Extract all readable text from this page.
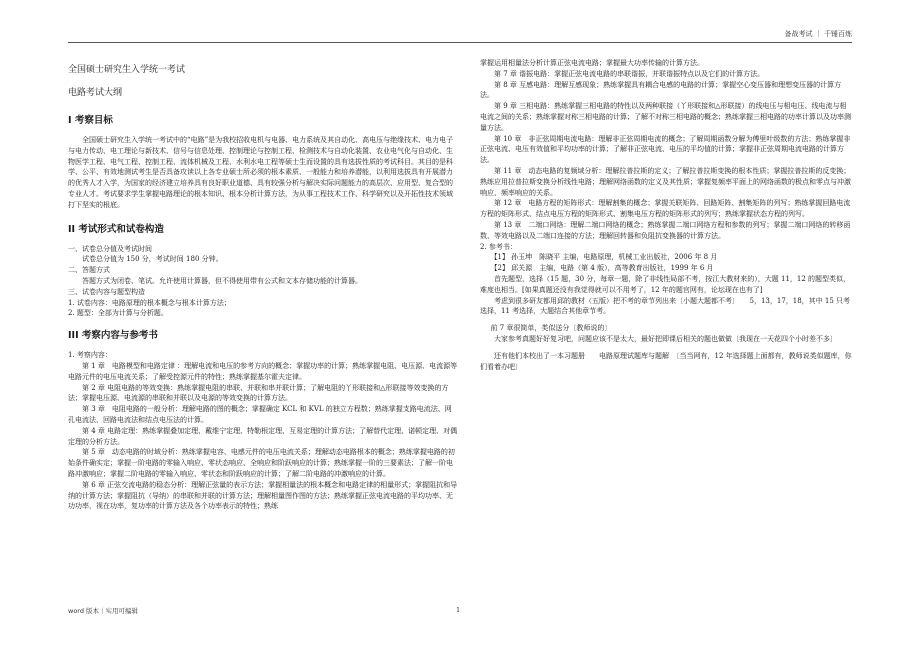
备战考试 ｜ 千锤百炼
全国硕士研究生入学统一考试
电路考试大纲
I 考察目标

全国硕士研究生入学统一考试中的“电路”是为我校招收电机与电器、电力系统及其自动化、高电压与绝缘技术、电力电子与电力传动、电工理论与新技术、信号与信息处理、控制理论与控制工程、检测技术与自动化装置、农业电气化与自动化、生物医学工程、电气工程、控制工程、流体机械及工程、水利水电工程等硕士生而设置的具有选拔性质的考试科目。其目的是科学、公平、有效地测试考生是否具备攻读以上各专业硕士所必须的根本素质、一般能力和培养潜能，以利用选拔具有开展潜力的优秀人才入学，为国家的经济建立培养具有良好职业道德、具有较强分析与解决实际问题能力的高层次、应用型、复合型的专业人才。考试要求学生掌握电路理论的根本知识、根本分析计算方法，为从事工程技术工作、科学研究以及开拓性技术领域打下坚实的根底。

II 考试形式和试卷构造

一、试卷总分值及考试时间

试卷总分值为 150 分，考试时间 180 分钟。

二、答题方式

答题方式为闭卷、笔试。允许使用计算器，但不得使用带有公式和文本存储功能的计算器。

三、试卷内容与题型构造

1. 试卷内容：电路原理的根本概念与根本计算方法；

2. 题型：全部为计算与分析题。

III 考察内容与参考书

1. 考察内容：

第 1 章　电路模型和电路定律 ：理解电流和电压的参考方向的概念；掌握功率的计算；熟练掌握电阻、电压源、电流源等电路元件的电压电流关系；了解受控源元件的特性；熟练掌握基尔霍夫定律。

第 2 章 电阻电路的等效变换：熟练掌握电阻的串联、并联和串并联计算；了解电阻的丫形联接和△形联接等效变换的方法；掌握电压源、电流源的串联和并联以及电源的等效变换的计算方法。

第 3 章　电阻电路的一般分析：理解电路的图的概念；掌握确定 KCL 和 KVL 的独立方程数；熟练掌握支路电流法、网孔电流法、回路电流法和结点电压法的计算。

第 4 章 电路定理：熟练掌握叠加定理、戴维宁定理、特勒根定理、互易定理的计算方法；了解替代定理、诺顿定理、对偶定理的分析方法。

第 5 章　动态电路的时域分析：熟练掌握电容、电感元件的电压电流关系；理解动态电路根本的概念；熟练掌握电路的初始条件确实定；掌握一阶电路的零输入响应、零状态响应、全响应和阶跃响应的计算；熟练掌握一阶的三要素法；了解一阶电路冲激响应；掌握二阶电路的零输入响应、零状态和阶跃响应的计算；了解二阶电路的冲激响应的计算。

第 6 章 正弦交流电路的稳态分析：理解正弦量的表示方法；掌握相量法的根本概念和电路定律的相量形式；掌握阻抗和导纳的计算方法；掌握阻抗（导纳）的串联和并联的计算方法；理解相量图作图的方法；熟练掌握正弦电流电路的平均功率、无功功率，视在功率，复功率的计算方法及各个功率表示的特性；熟练

掌握运用相量法分析计算正弦电流电路；掌握最大功率传输的计算方法。

第 7 章 谐振电路：掌握正弦电流电路的串联谐振，并联谐振特点以及它们的计算方法。

第 8 章 互感电路：理解互感现象；熟练掌握具有耦合电感的电路的计算；掌握空心变压器和理想变压器的计算方法。

第 9 章 三相电路：熟练掌握三相电路的特性以及两种联接（丫形联接和△形联接）的线电压与相电压、线电流与相电流之间的关系；熟练掌握对称三相电路的计算；了解不对称三相电路的概念；熟练掌握三相电路的功率计算以及功率测量方法。

第 10 章　非正弦周期电流电路：理解非正弦周期电流的概念；了解周期函数分解为傅里叶级数的方法；熟练掌握非正弦电流、电压有效值和平均功率的计算；了解非正弦电流、电压的平均值的计算；掌握非正弦周期电流电路的计算方法。

第 11 章　动态电路的复频域分析：理解拉普拉斯的定义；了解拉普拉斯变换的根本性质；掌握拉普拉斯的反变换；熟练应用拉普拉斯变换分析线性电路；理解网络函数的定义及其性质；掌握复频率平面上的网络函数的极点和零点与冲激响应、频率响应的关系。

第 12 章　电路方程的矩阵形式：理解割集的概念；掌握关联矩阵、回路矩阵、割集矩阵的列写；熟练掌握回路电流方程的矩阵形式、结点电压方程的矩阵形式、割集电压方程的矩阵形式的列写；熟练掌握状态方程的列写。

第 13 章　二端口网络：理解二端口网络的概念；熟练掌握二端口网络方程和参数的列写；掌握二端口网络的转移函数、等效电路以及二端口连接的方法；理解回转器和负阻抗变换器的计算方法。

2. 参考书：

【1】 孙玉坤　陈晓平 主编，电路原理，机械工业出版社，2006 年 8 月

【2】 邱关源　主编，电路（第 4 版），高等教育出版社，1999 年 6 月

首先题型，选择（15 题，30 分，每章一题，除了非线性局部不考，按江大教材来的），大题 11，12 的题型类似，难度也相当。[如果真题还没有我觉得就可以不用考了，12 年的题官网有，论坛现在也有了]

考虑到很多研友都用邱的教材（五版）把不考的章节列出来〔小题大题都不考〕　　5，13，17，18，其中 15 只考选择，11 考选择，大题结合其他章节考。

前 7 章很简单，类似送分〔教师说的〕

大家参考真题好好复习吧，问题应该不是太大，最好把即课后相关的题也做做〔我现在一天花四个小时差不多〕

还有他们本校出了一本习题册　　电路原理试题库与题解　〔当当网有，12 年选择题上面都有，教师说类似题库，你们看着办吧〕

word 版本｜实用可编辑	1
